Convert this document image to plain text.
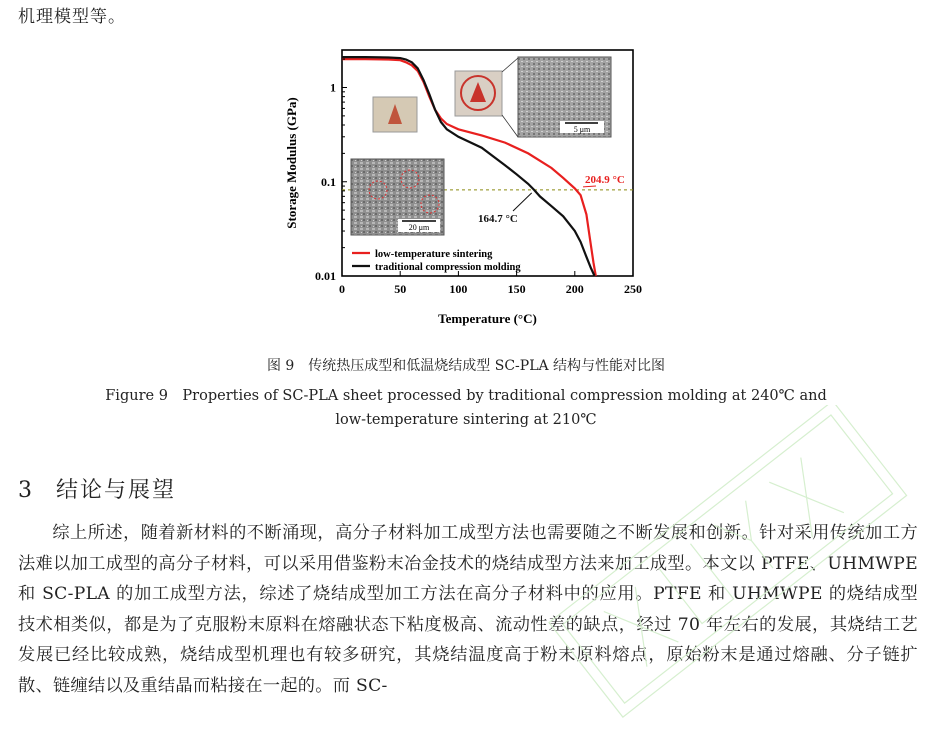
机理模型等。
5 μm
20 μm
204.9 °C
164.7 °C
low-temperature sintering
traditional compression molding
0	50	100	150	200	250
0.01
0.1
1
Temperature (°C)
Storage Modulus (GPa)
图 9　传统热压成型和低温烧结成型 SC-PLA 结构与性能对比图
Figure 9　Properties of SC-PLA sheet processed by traditional compression molding at 240℃ and
low-temperature sintering at 210℃
3 结论与展望

综上所述，随着新材料的不断涌现，高分子材料加工成型方法也需要随之不断发展和创新。针对采用传统加工方法难以加工成型的高分子材料，可以采用借鉴粉末冶金技术的烧结成型方法来加工成型。本文以 PTFE、UHMWPE 和 SC-PLA 的加工成型方法，综述了烧结成型加工方法在高分子材料中的应用。PTFE 和 UHMWPE 的烧结成型技术相类似，都是为了克服粉末原料在熔融状态下粘度极高、流动性差的缺点，经过 70 年左右的发展，其烧结工艺发展已经比较成熟，烧结成型机理也有较多研究，其烧结温度高于粉末原料熔点，原始粉末是通过熔融、分子链扩散、链缠结以及重结晶而粘接在一起的。而 SC-
